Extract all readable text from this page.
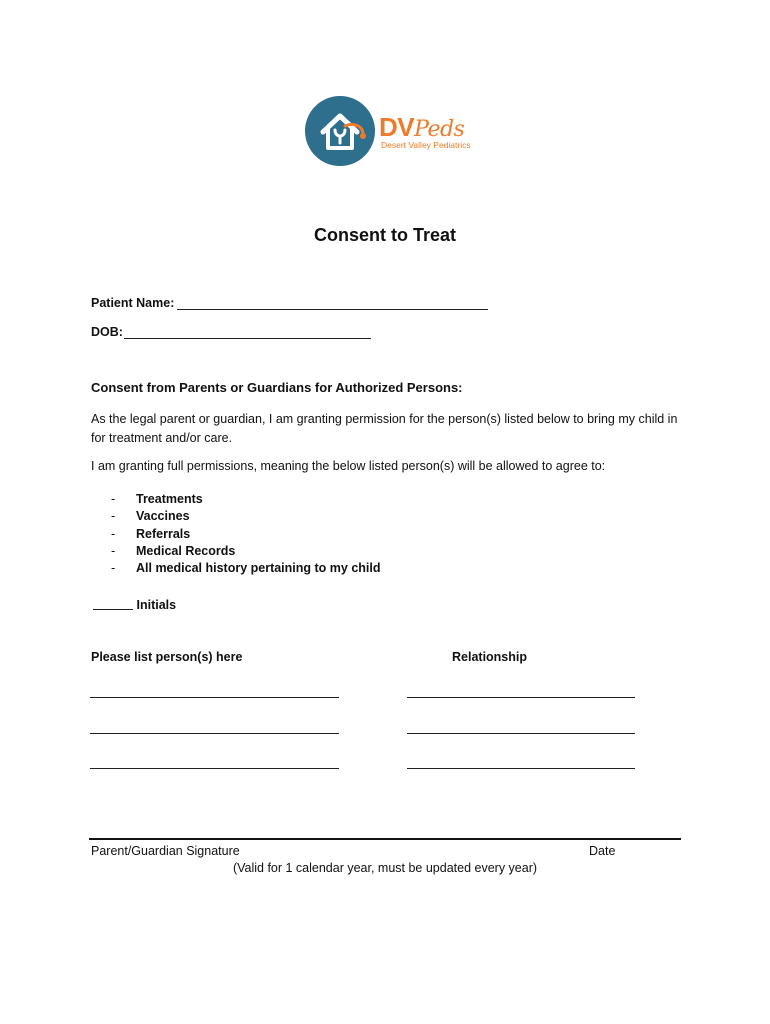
DVPeds
Desert Valley Pediatrics
Consent to Treat
Patient Name:
DOB:
Consent from Parents or Guardians for Authorized Persons:
As the legal parent or guardian, I am granting permission for the person(s) listed below to bring my child in for treatment and/or care.
I am granting full permissions, meaning the below listed person(s) will be allowed to agree to:
- Treatments
- Vaccines
- Referrals
- Medical Records
- All medical history pertaining to my child
Initials
Please list person(s) here	Relationship
Parent/Guardian Signature	Date
(Valid for 1 calendar year, must be updated every year)
